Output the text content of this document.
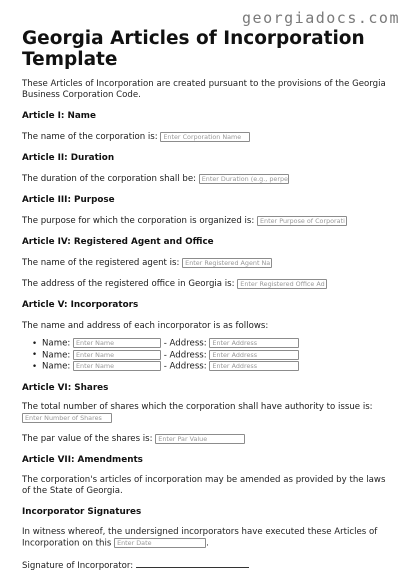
georgiadocs.com
Georgia Articles of Incorporation Template

These Articles of Incorporation are created pursuant to the provisions of the Georgia Business Corporation Code.

Article I: Name
The name of the corporation is: Enter Corporation Name
Article II: Duration
The duration of the corporation shall be: Enter Duration (e.g., perpe
Article III: Purpose
The purpose for which the corporation is organized is: Enter Purpose of Corporati
Article IV: Registered Agent and Office
The name of the registered agent is: Enter Registered Agent Na
The address of the registered office in Georgia is: Enter Registered Office Ad
Article V: Incorporators
The name and address of each incorporator is as follows:
• Name: Enter Name	- Address: Enter Address
• Name: Enter Name	- Address: Enter Address
• Name: Enter Name	- Address: Enter Address
Article VI: Shares
The total number of shares which the corporation shall have authority to issue is:
Enter Number of Shares
The par value of the shares is: Enter Par Value
Article VII: Amendments

The corporation's articles of incorporation may be amended as provided by the laws of the State of Georgia.

Incorporator Signatures

In witness whereof, the undersigned incorporators have executed these Articles of Incorporation on this Enter Date	.

Signature of Incorporator:
